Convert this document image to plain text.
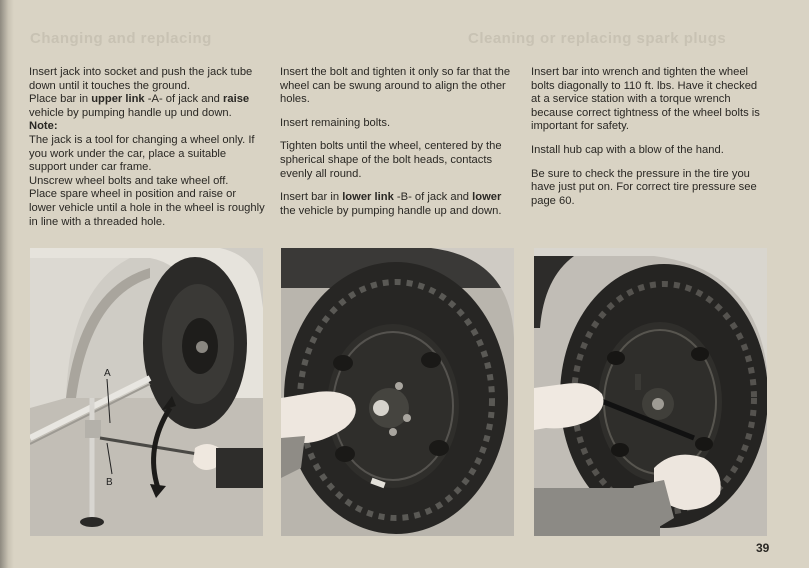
Changing and replacing	Cleaning or replacing spark plugs

Insert jack into socket and push the jack tube down until it touches the ground.

Place bar in upper link -A- of jack and raise vehicle by pumping handle up und down.

Note:

The jack is a tool for changing a wheel only. If you work under the car, place a suitable support under car frame.

Unscrew wheel bolts and take wheel off.

Place spare wheel in position and raise or lower vehicle until a hole in the wheel is roughly in line with a threaded hole.

Insert the bolt and tighten it only so far that the wheel can be swung around to align the other holes.

Insert remaining bolts.

Tighten bolts until the wheel, centered by the spherical shape of the bolt heads, contacts evenly all round.

Insert bar in lower link -B- of jack and lower the vehicle by pumping handle up and down.

Insert bar into wrench and tighten the wheel bolts diagonally to 110 ft. lbs. Have it checked at a service station with a torque wrench because correct tightness of the wheel bolts is important for safety.

Install hub cap with a blow of the hand.

Be sure to check the pressure in the tire you have just put on. For correct tire pressure see page 60.

A
B
39
